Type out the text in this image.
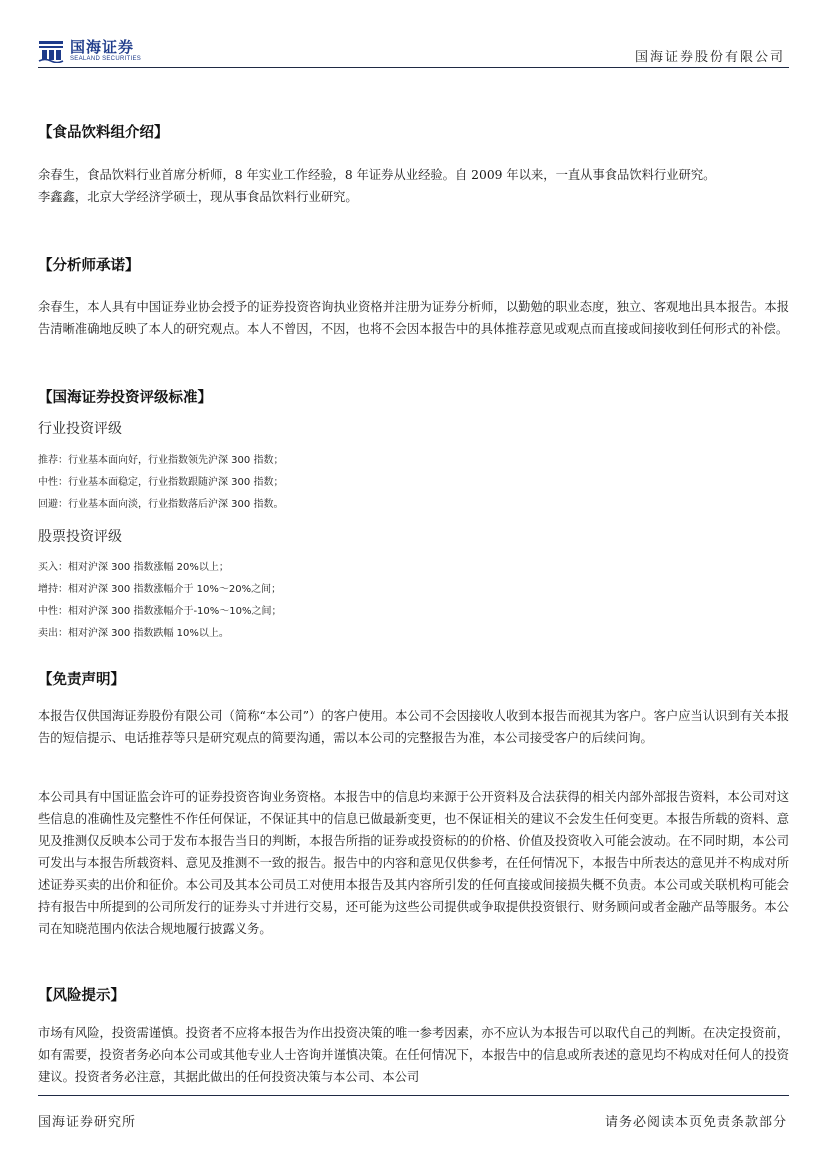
国海证券
SEALAND SECURITIES	国海证券股份有限公司
【食品饮料组介绍】

余春生，食品饮料行业首席分析师，8 年实业工作经验，8 年证券从业经验。自 2009 年以来，一直从事食品饮料行业研究。

李鑫鑫，北京大学经济学硕士，现从事食品饮料行业研究。

【分析师承诺】
余春生，本人具有中国证券业协会授予的证券投资咨询执业资格并注册为证券分析师，以勤勉的职业态度，独立、客观地出具本报告。本报告清晰准确地反映了本人的研究观点。本人不曾因，不因，也将不会因本报告中的具体推荐意见或观点而直接或间接收到任何形式的补偿。
【国海证券投资评级标准】
行业投资评级
推荐：行业基本面向好，行业指数领先沪深 300 指数；
中性：行业基本面稳定，行业指数跟随沪深 300 指数；
回避：行业基本面向淡，行业指数落后沪深 300 指数。
股票投资评级
买入：相对沪深 300 指数涨幅 20%以上；
增持：相对沪深 300 指数涨幅介于 10%～20%之间；
中性：相对沪深 300 指数涨幅介于-10%～10%之间；
卖出：相对沪深 300 指数跌幅 10%以上。
【免责声明】
本报告仅供国海证券股份有限公司（简称“本公司”）的客户使用。本公司不会因接收人收到本报告而视其为客户。客户应当认识到有关本报告的短信提示、电话推荐等只是研究观点的简要沟通，需以本公司的完整报告为准，本公司接受客户的后续问询。
本公司具有中国证监会许可的证券投资咨询业务资格。本报告中的信息均来源于公开资料及合法获得的相关内部外部报告资料，本公司对这些信息的准确性及完整性不作任何保证，不保证其中的信息已做最新变更，也不保证相关的建议不会发生任何变更。本报告所载的资料、意见及推测仅反映本公司于发布本报告当日的判断，本报告所指的证券或投资标的的价格、价值及投资收入可能会波动。在不同时期，本公司可发出与本报告所载资料、意见及推测不一致的报告。报告中的内容和意见仅供参考，在任何情况下，本报告中所表达的意见并不构成对所述证券买卖的出价和征价。本公司及其本公司员工对使用本报告及其内容所引发的任何直接或间接损失概不负责。本公司或关联机构可能会持有报告中所提到的公司所发行的证券头寸并进行交易，还可能为这些公司提供或争取提供投资银行、财务顾问或者金融产品等服务。本公司在知晓范围内依法合规地履行披露义务。
【风险提示】
市场有风险，投资需谨慎。投资者不应将本报告为作出投资决策的唯一参考因素，亦不应认为本报告可以取代自己的判断。在决定投资前，如有需要，投资者务必向本公司或其他专业人士咨询并谨慎决策。在任何情况下，本报告中的信息或所表述的意见均不构成对任何人的投资建议。投资者务必注意，其据此做出的任何投资决策与本公司、本公司
国海证券研究所	请务必阅读本页免责条款部分
